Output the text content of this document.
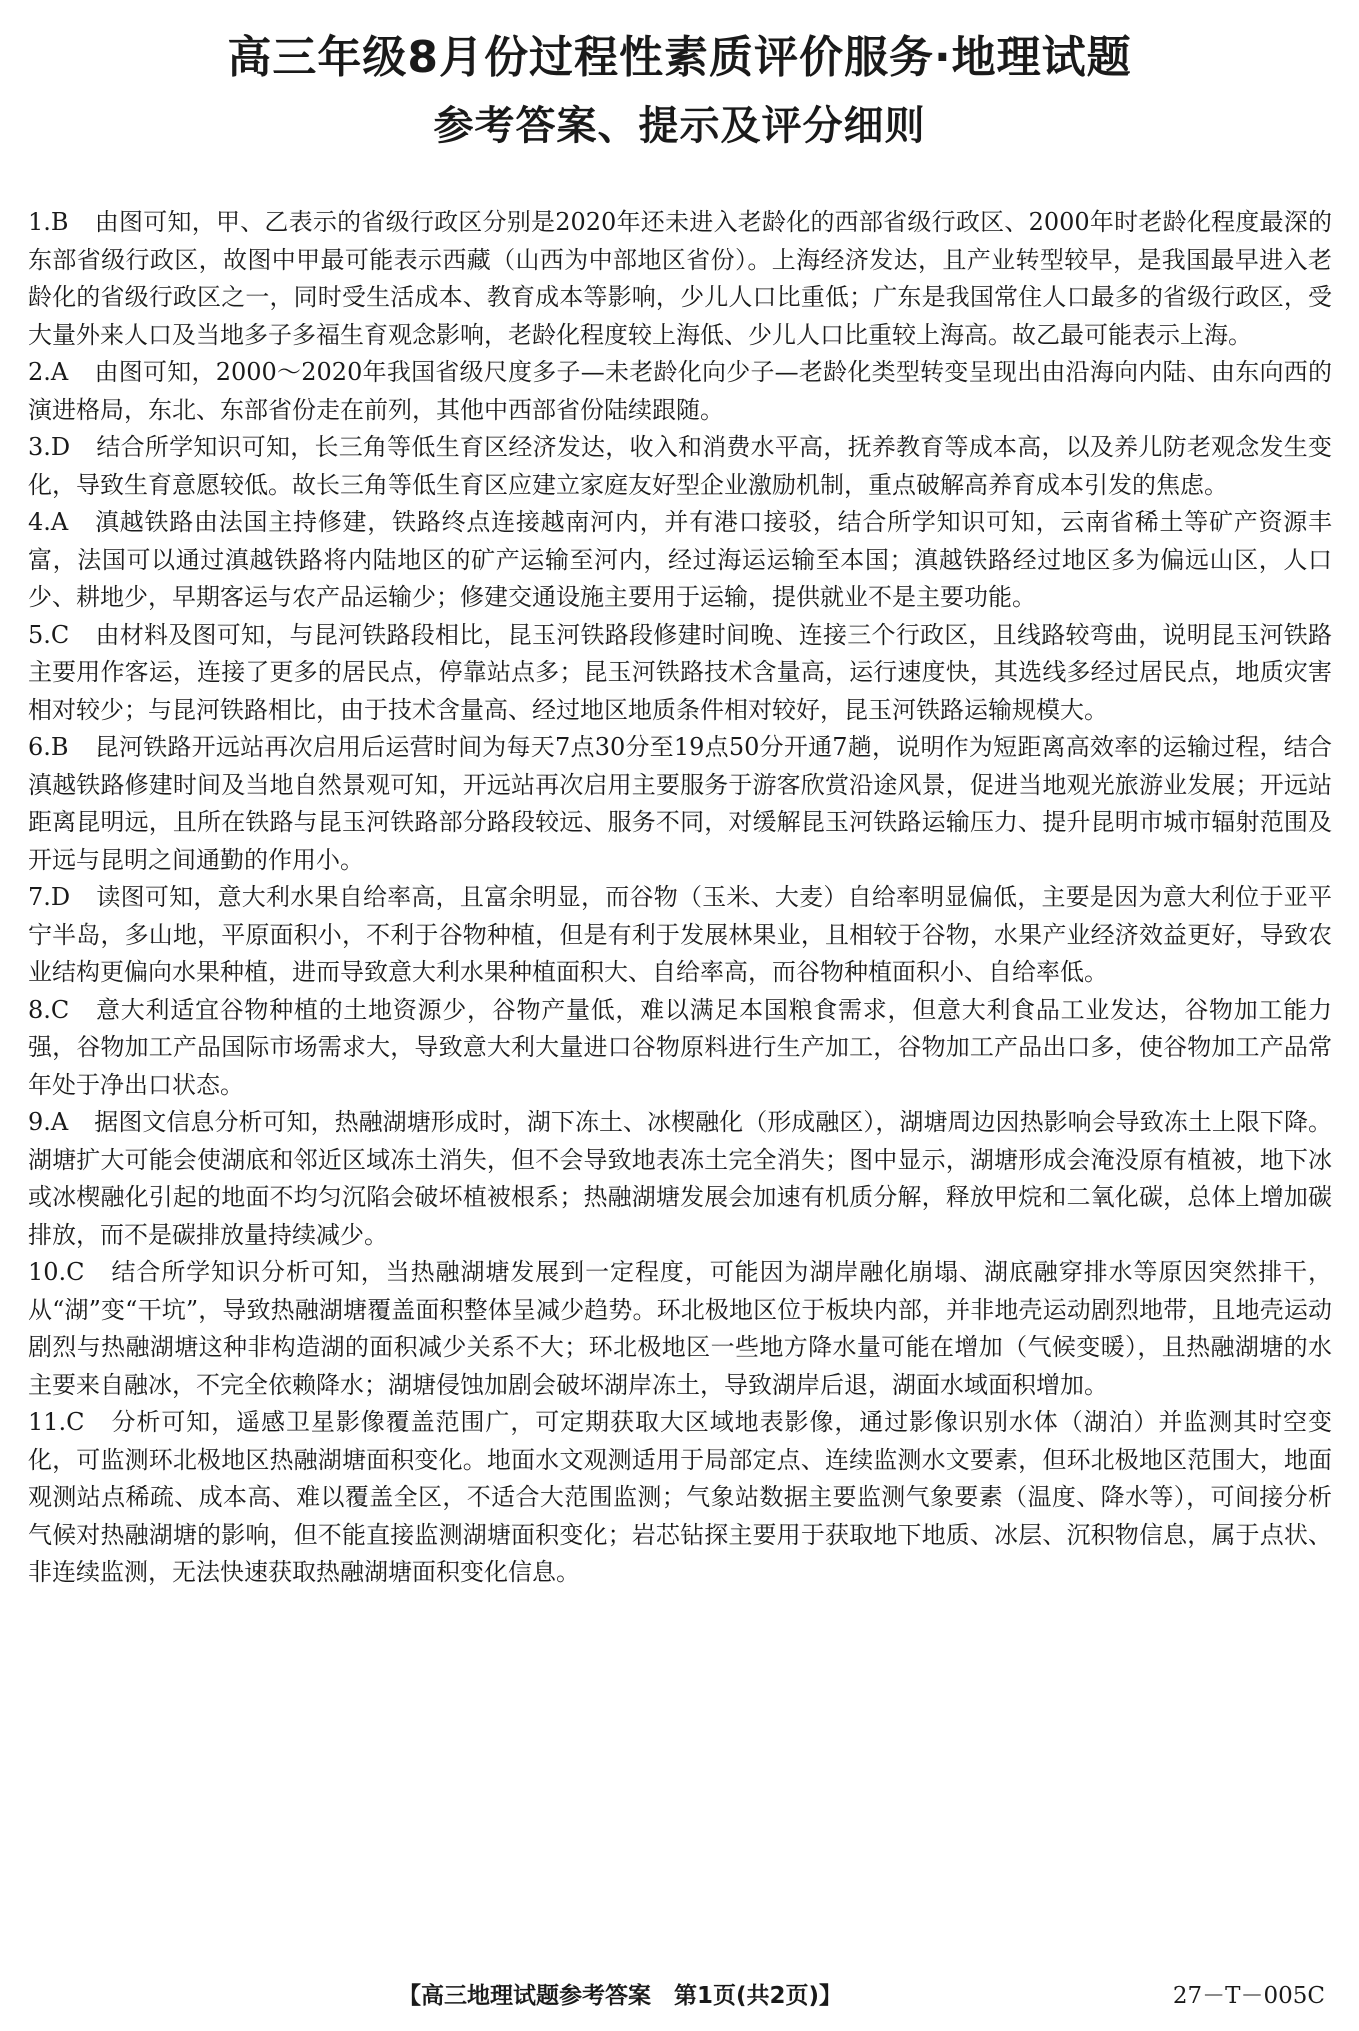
高三年级8月份过程性素质评价服务·地理试题
参考答案、提示及评分细则

1.B 由图可知，甲、乙表示的省级行政区分别是2020年还未进入老龄化的西部省级行政区、2000年时老龄化程度最深的东部省级行政区，故图中甲最可能表示西藏（山西为中部地区省份）。上海经济发达，且产业转型较早，是我国最早进入老龄化的省级行政区之一，同时受生活成本、教育成本等影响，少儿人口比重低；广东是我国常住人口最多的省级行政区，受大量外来人口及当地多子多福生育观念影响，老龄化程度较上海低、少儿人口比重较上海高。故乙最可能表示上海。

2.A 由图可知，2000～2020年我国省级尺度多子—未老龄化向少子—老龄化类型转变呈现出由沿海向内陆、由东向西的演进格局，东北、东部省份走在前列，其他中西部省份陆续跟随。

3.D 结合所学知识可知，长三角等低生育区经济发达，收入和消费水平高，抚养教育等成本高，以及养儿防老观念发生变化，导致生育意愿较低。故长三角等低生育区应建立家庭友好型企业激励机制，重点破解高养育成本引发的焦虑。

4.A 滇越铁路由法国主持修建，铁路终点连接越南河内，并有港口接驳，结合所学知识可知，云南省稀土等矿产资源丰富，法国可以通过滇越铁路将内陆地区的矿产运输至河内，经过海运运输至本国；滇越铁路经过地区多为偏远山区，人口少、耕地少，早期客运与农产品运输少；修建交通设施主要用于运输，提供就业不是主要功能。

5.C 由材料及图可知，与昆河铁路段相比，昆玉河铁路段修建时间晚、连接三个行政区，且线路较弯曲，说明昆玉河铁路主要用作客运，连接了更多的居民点，停靠站点多；昆玉河铁路技术含量高，运行速度快，其选线多经过居民点，地质灾害相对较少；与昆河铁路相比，由于技术含量高、经过地区地质条件相对较好，昆玉河铁路运输规模大。

6.B 昆河铁路开远站再次启用后运营时间为每天7点30分至19点50分开通7趟，说明作为短距离高效率的运输过程，结合滇越铁路修建时间及当地自然景观可知，开远站再次启用主要服务于游客欣赏沿途风景，促进当地观光旅游业发展；开远站距离昆明远，且所在铁路与昆玉河铁路部分路段较远、服务不同，对缓解昆玉河铁路运输压力、提升昆明市城市辐射范围及开远与昆明之间通勤的作用小。

7.D 读图可知，意大利水果自给率高，且富余明显，而谷物（玉米、大麦）自给率明显偏低，主要是因为意大利位于亚平宁半岛，多山地，平原面积小，不利于谷物种植，但是有利于发展林果业，且相较于谷物，水果产业经济效益更好，导致农业结构更偏向水果种植，进而导致意大利水果种植面积大、自给率高，而谷物种植面积小、自给率低。

8.C 意大利适宜谷物种植的土地资源少，谷物产量低，难以满足本国粮食需求，但意大利食品工业发达，谷物加工能力强，谷物加工产品国际市场需求大，导致意大利大量进口谷物原料进行生产加工，谷物加工产品出口多，使谷物加工产品常年处于净出口状态。

9.A 据图文信息分析可知，热融湖塘形成时，湖下冻土、冰楔融化（形成融区），湖塘周边因热影响会导致冻土上限下降。湖塘扩大可能会使湖底和邻近区域冻土消失，但不会导致地表冻土完全消失；图中显示，湖塘形成会淹没原有植被，地下冰或冰楔融化引起的地面不均匀沉陷会破坏植被根系；热融湖塘发展会加速有机质分解，释放甲烷和二氧化碳，总体上增加碳排放，而不是碳排放量持续减少。

10.C 结合所学知识分析可知，当热融湖塘发展到一定程度，可能因为湖岸融化崩塌、湖底融穿排水等原因突然排干，从“湖”变“干坑”，导致热融湖塘覆盖面积整体呈减少趋势。环北极地区位于板块内部，并非地壳运动剧烈地带，且地壳运动剧烈与热融湖塘这种非构造湖的面积减少关系不大；环北极地区一些地方降水量可能在增加（气候变暖），且热融湖塘的水主要来自融冰，不完全依赖降水；湖塘侵蚀加剧会破坏湖岸冻土，导致湖岸后退，湖面水域面积增加。

11.C 分析可知，遥感卫星影像覆盖范围广，可定期获取大区域地表影像，通过影像识别水体（湖泊）并监测其时空变化，可监测环北极地区热融湖塘面积变化。地面水文观测适用于局部定点、连续监测水文要素，但环北极地区范围大，地面观测站点稀疏、成本高、难以覆盖全区，不适合大范围监测；气象站数据主要监测气象要素（温度、降水等），可间接分析气候对热融湖塘的影响，但不能直接监测湖塘面积变化；岩芯钻探主要用于获取地下地质、冰层、沉积物信息，属于点状、非连续监测，无法快速获取热融湖塘面积变化信息。

【高三地理试题参考答案　第1页(共2页)】	27－T－005C
